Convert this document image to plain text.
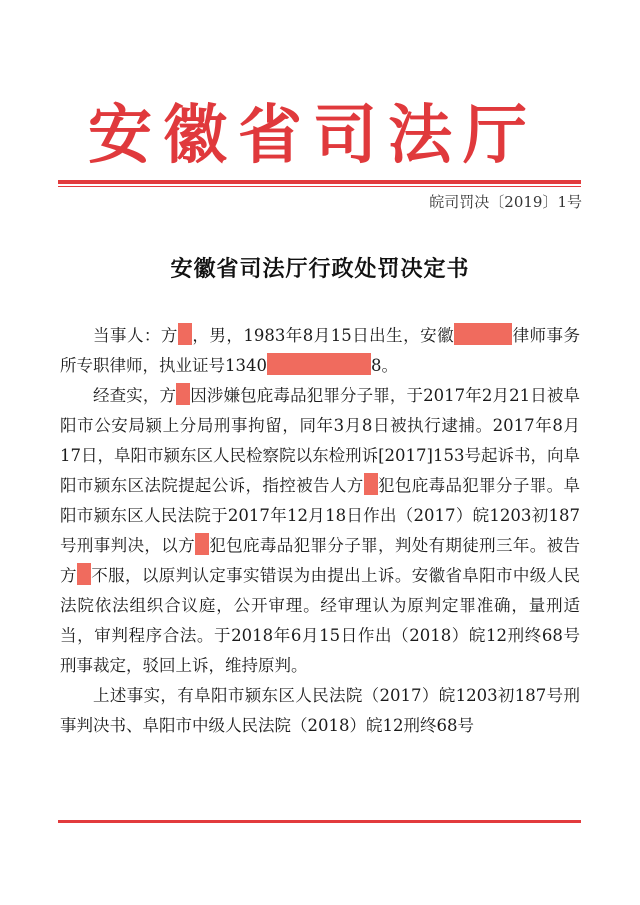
安徽省司法厅
皖司罚决〔2019〕1号
安徽省司法厅行政处罚决定书

当事人：方 ，男，1983年8月15日出生，安徽	律师事务所专职律师，执业证号1340	8。

经查实，方 因涉嫌包庇毒品犯罪分子罪，于2017年2月21日被阜阳市公安局颍上分局刑事拘留，同年3月8日被执行逮捕。2017年8月17日，阜阳市颍东区人民检察院以东检刑诉[2017]153号起诉书，向阜阳市颍东区法院提起公诉，指控被告人方 犯包庇毒品犯罪分子罪。阜阳市颍东区人民法院于2017年12月18日作出（2017）皖1203初187号刑事判决，以方 犯包庇毒品犯罪分子罪，判处有期徒刑三年。被告方 不服，以原判认定事实错误为由提出上诉。安徽省阜阳市中级人民法院依法组织合议庭，公开审理。经审理认为原判定罪准确，量刑适当，审判程序合法。于2018年6月15日作出（2018）皖12刑终68号刑事裁定，驳回上诉，维持原判。

上述事实，有阜阳市颍东区人民法院（2017）皖1203初187号刑事判决书、阜阳市中级人民法院（2018）皖12刑终68号
